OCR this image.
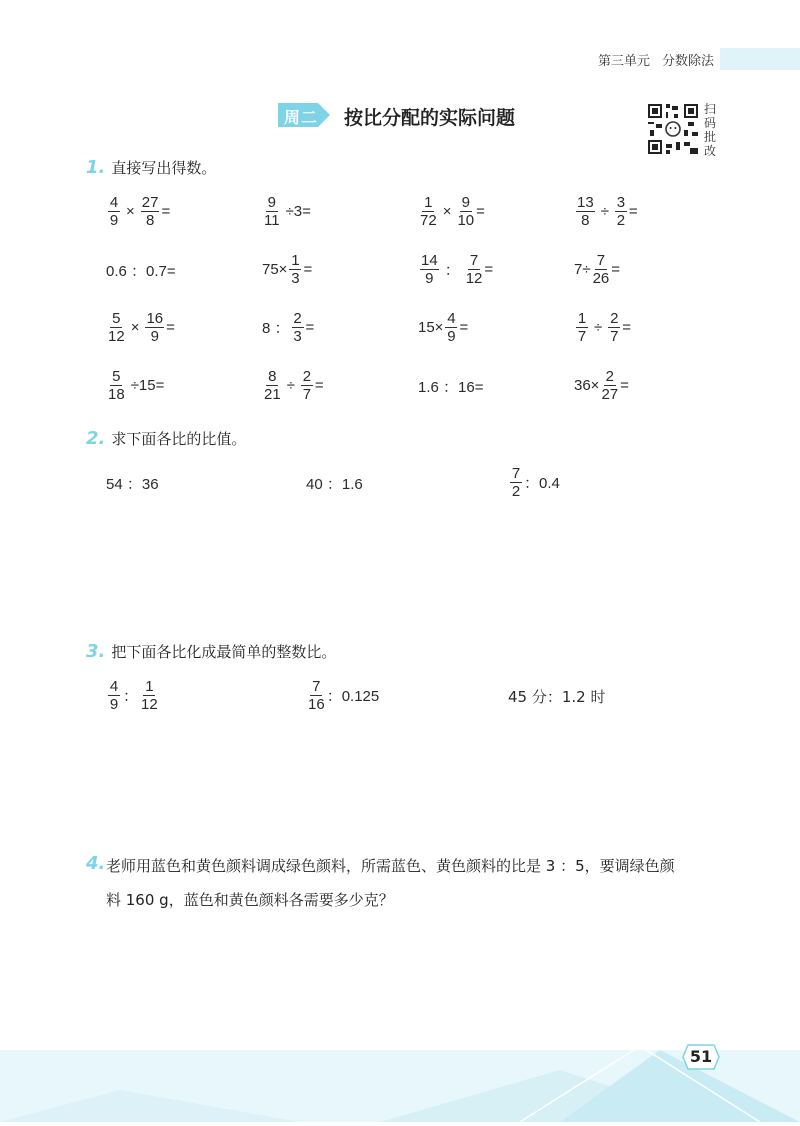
第三单元 分数除法
周二 按比分配的实际问题	扫
码
批
改
1 . 直接写出得数。
$\frac{4}{9} \times \frac{27}{8}$ =	$\frac{9}{11} \div 3=$	$\frac{1}{72} \times \frac{9}{10}$ =	$\frac{13}{8} \div \frac{3}{2}$ =
0.6 ：0.7=	$75\times \frac{1}{3}$ =	$\frac{14}{9}$ ： $\frac{7}{12}$ =	$7\div \frac{7}{26}$ =
$\frac{5}{12} \times \frac{16}{9}$ =	8 ： $\frac{2}{3}$ =	$15\times \frac{4}{9}$ =	$\frac{1}{7} \div \frac{2}{7}$ =
$\frac{5}{18} \div 15=$	$\frac{8}{21} \div \frac{2}{7}$ =	1.6 ：16=	$36\times \frac{2}{27}$ =
2 . 求下面各比的比值。
54 ：36	40 ：1.6	$\frac{7}{2}$ ：0.4
3 . 把下面各比化成最简单的整数比。
$\frac{4}{9}$ ： $\frac{1}{12}$	$\frac{7}{16}$ ：0.125	45 分：1.2 时
4. 老师用蓝色和黄色颜料调成绿色颜料，所需蓝色、黄色颜料的比是 3 ：5，要调绿色颜
料 160 g，蓝色和黄色颜料各需要多少克？
51
